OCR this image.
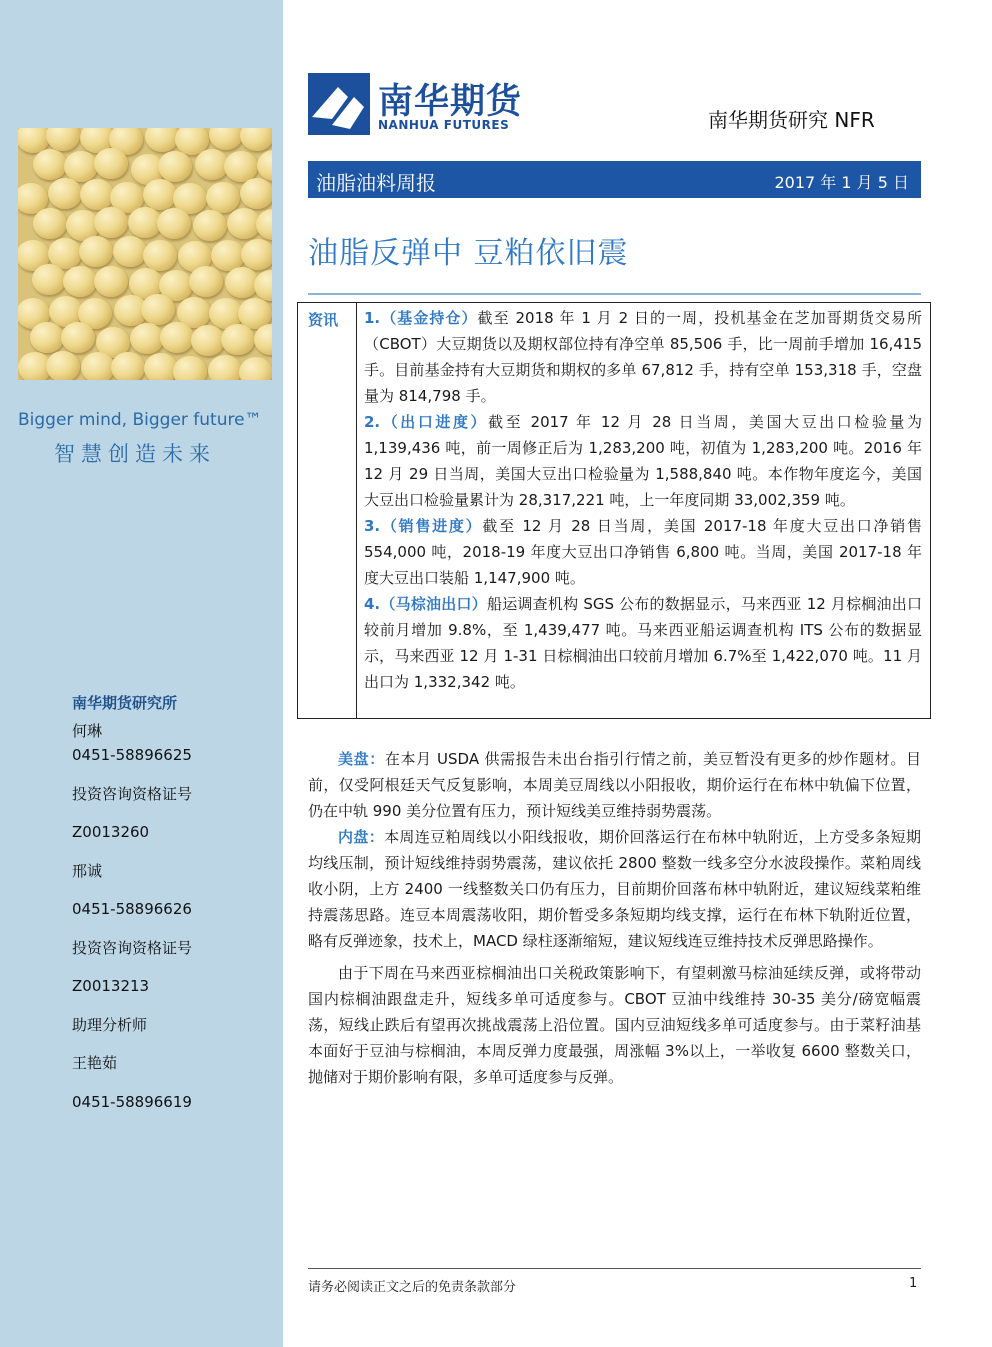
Bigger mind, Bigger future™
智慧创造未来
南华期货研究所
何琳
0451-58896625
投资咨询资格证号
Z0013260
邢诚
0451-58896626
投资咨询资格证号
Z0013213
助理分析师
王艳茹
0451-58896619
南华期货
NANHUA FUTURES	南华期货研究 NFR
油脂油料周报	2017 年 1 月 5 日
油脂反弹中 豆粕依旧震
资讯 1.（基金持仓）截至 2018 年 1 月 2 日的一周，投机基金在芝加哥期货交易所（CBOT）大豆期货以及期权部位持有净空单 85,506 手，比一周前手增加 16,415 手。目前基金持有大豆期货和期权的多单 67,812 手，持有空单 153,318 手，空盘量为 814,798 手。

2.（出口进度）截至 2017 年 12 月 28 日当周，美国大豆出口检验量为 1,139,436 吨，前一周修正后为 1,283,200 吨，初值为 1,283,200 吨。2016 年 12 月 29 日当周，美国大豆出口检验量为 1,588,840 吨。本作物年度迄今，美国大豆出口检验量累计为 28,317,221 吨，上一年度同期 33,002,359 吨。

3.（销售进度）截至 12 月 28 日当周，美国 2017-18 年度大豆出口净销售 554,000 吨，2018-19 年度大豆出口净销售 6,800 吨。当周，美国 2017-18 年度大豆出口装船 1,147,900 吨。

4.（马棕油出口）船运调查机构 SGS 公布的数据显示，马来西亚 12 月棕榈油出口较前月增加 9.8%，至 1,439,477 吨。马来西亚船运调查机构 ITS 公布的数据显示，马来西亚 12 月 1-31 日棕榈油出口较前月增加 6.7%至 1,422,070 吨。11 月出口为 1,332,342 吨。

美盘：在本月 USDA 供需报告未出台指引行情之前，美豆暂没有更多的炒作题材。目前，仅受阿根廷天气反复影响，本周美豆周线以小阳报收，期价运行在布林中轨偏下位置，仍在中轨 990 美分位置有压力，预计短线美豆维持弱势震荡。

内盘：本周连豆粕周线以小阳线报收，期价回落运行在布林中轨附近，上方受多条短期均线压制，预计短线维持弱势震荡，建议依托 2800 整数一线多空分水波段操作。菜粕周线收小阴，上方 2400 一线整数关口仍有压力，目前期价回落布林中轨附近，建议短线菜粕维持震荡思路。连豆本周震荡收阳，期价暂受多条短期均线支撑，运行在布林下轨附近位置，略有反弹迹象，技术上，MACD 绿柱逐渐缩短，建议短线连豆维持技术反弹思路操作。

由于下周在马来西亚棕榈油出口关税政策影响下，有望刺激马棕油延续反弹，或将带动国内棕榈油跟盘走升，短线多单可适度参与。CBOT 豆油中线维持 30-35 美分/磅宽幅震荡，短线止跌后有望再次挑战震荡上沿位置。国内豆油短线多单可适度参与。由于菜籽油基本面好于豆油与棕榈油，本周反弹力度最强，周涨幅 3%以上，一举收复 6600 整数关口，抛储对于期价影响有限，多单可适度参与反弹。

请务必阅读正文之后的免责条款部分	1
